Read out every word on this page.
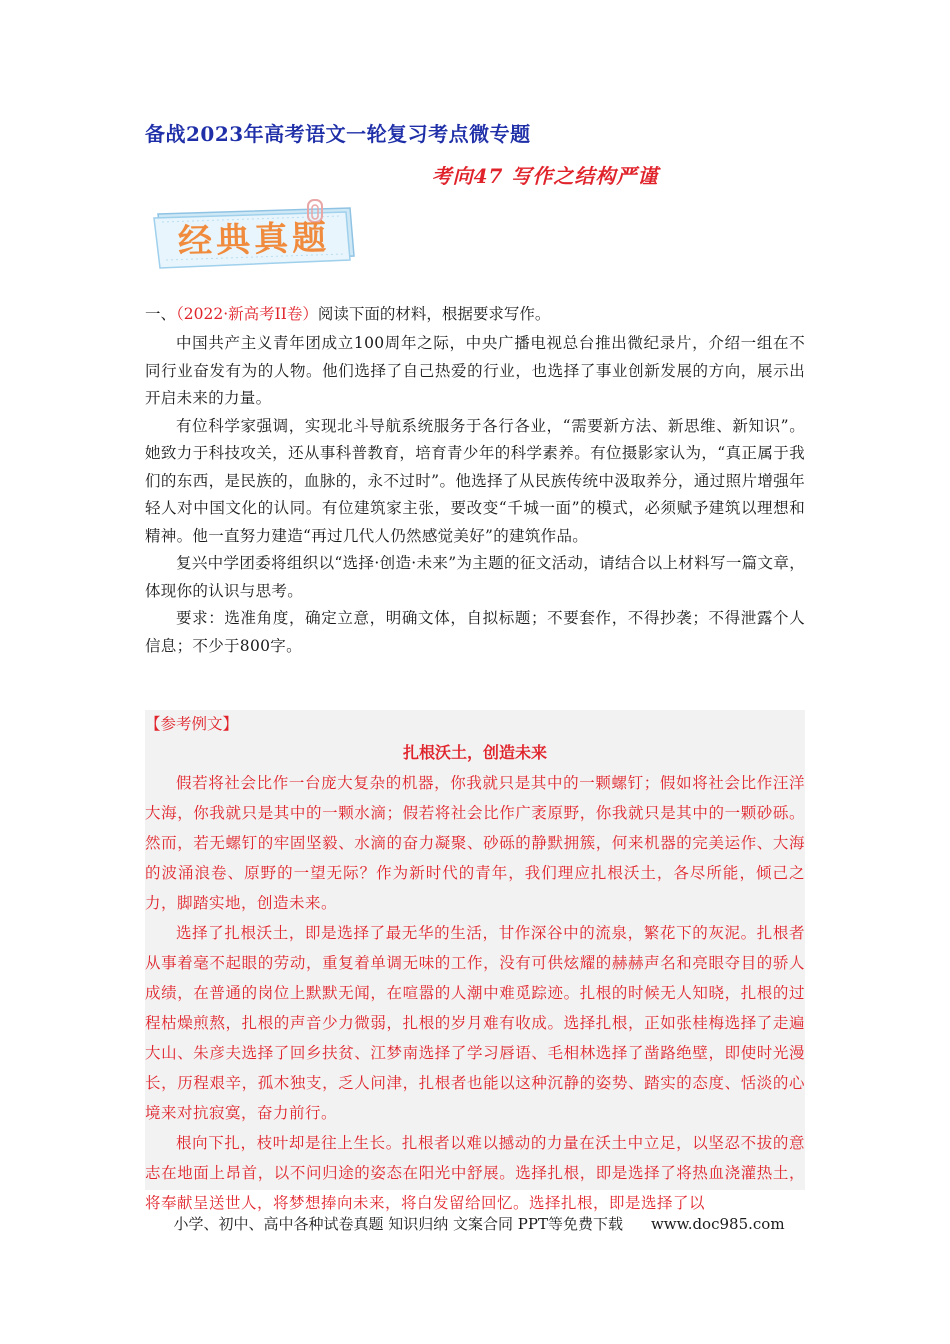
备战2023年高考语文一轮复习考点微专题
考向47 写作之结构严谨
经典真题

一、（2022·新高考II卷）阅读下面的材料，根据要求写作。

中国共产主义青年团成立100周年之际，中央广播电视总台推出微纪录片，介绍一组在不同行业奋发有为的人物。他们选择了自己热爱的行业，也选择了事业创新发展的方向，展示出开启未来的力量。

有位科学家强调，实现北斗导航系统服务于各行各业，“需要新方法、新思维、新知识”。她致力于科技攻关，还从事科普教育，培育青少年的科学素养。有位摄影家认为，“真正属于我们的东西，是民族的，血脉的，永不过时”。他选择了从民族传统中汲取养分，通过照片增强年轻人对中国文化的认同。有位建筑家主张，要改变“千城一面”的模式，必须赋予建筑以理想和精神。他一直努力建造“再过几代人仍然感觉美好”的建筑作品。

复兴中学团委将组织以“选择·创造·未来”为主题的征文活动，请结合以上材料写一篇文章，体现你的认识与思考。

要求：选准角度，确定立意，明确文体，自拟标题；不要套作，不得抄袭；不得泄露个人信息；不少于800字。

【参考例文】

扎根沃土，创造未来

假若将社会比作一台庞大复杂的机器，你我就只是其中的一颗螺钉；假如将社会比作汪洋大海，你我就只是其中的一颗水滴；假若将社会比作广袤原野，你我就只是其中的一颗砂砾。然而，若无螺钉的牢固坚毅、水滴的奋力凝聚、砂砾的静默拥簇，何来机器的完美运作、大海的波涌浪卷、原野的一望无际？作为新时代的青年，我们理应扎根沃土，各尽所能，倾己之力，脚踏实地，创造未来。

选择了扎根沃土，即是选择了最无华的生活，甘作深谷中的流泉，繁花下的灰泥。扎根者从事着毫不起眼的劳动，重复着单调无味的工作，没有可供炫耀的赫赫声名和亮眼夺目的骄人成绩，在普通的岗位上默默无闻，在喧嚣的人潮中难觅踪迹。扎根的时候无人知晓，扎根的过程枯燥煎熬，扎根的声音少力微弱，扎根的岁月难有收成。选择扎根，正如张桂梅选择了走遍大山、朱彦夫选择了回乡扶贫、江梦南选择了学习唇语、毛相林选择了凿路绝壁，即使时光漫长，历程艰辛，孤木独支，乏人问津，扎根者也能以这种沉静的姿势、踏实的态度、恬淡的心境来对抗寂寞，奋力前行。

根向下扎，枝叶却是往上生长。扎根者以难以撼动的力量在沃土中立足，以坚忍不拔的意志在地面上昂首，以不问归途的姿态在阳光中舒展。选择扎根，即是选择了将热血浇灌热土，将奉献呈送世人，将梦想捧向未来，将白发留给回忆。选择扎根，即是选择了以

小学、初中、高中各种试卷真题 知识归纳 文案合同 PPT等免费下载 www.doc985.com
